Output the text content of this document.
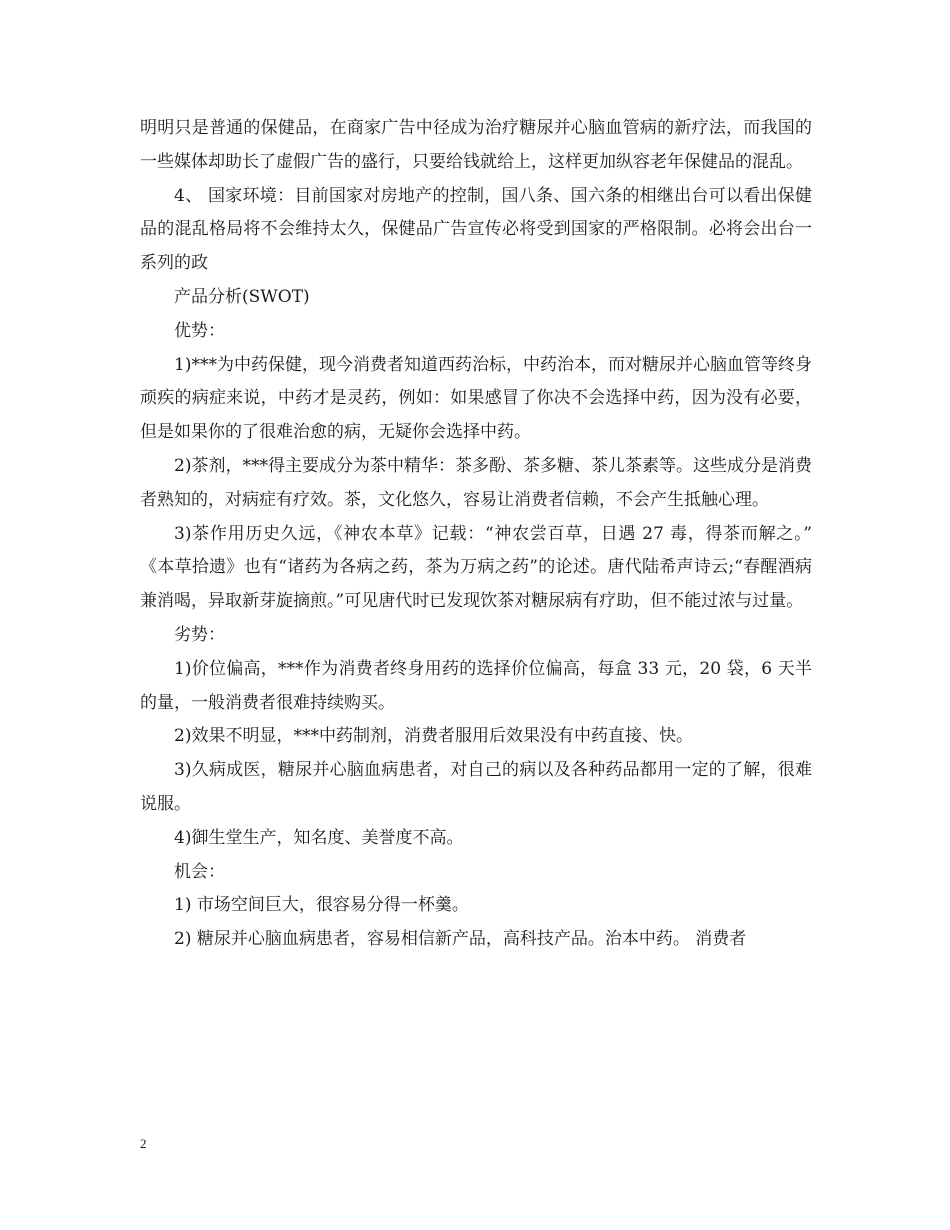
明明只是普通的保健品，在商家广告中径成为治疗糖尿并心脑血管病的新疗法，而我国的一些媒体却助长了虚假广告的盛行，只要给钱就给上，这样更加纵容老年保健品的混乱。

4、 国家环境：目前国家对房地产的控制，国八条、国六条的相继出台可以看出保健品的混乱格局将不会维持太久，保健品广告宣传必将受到国家的严格限制。必将会出台一系列的政

产品分析(SWOT)

优势：

1)***为中药保健，现今消费者知道西药治标，中药治本，而对糖尿并心脑血管等终身顽疾的病症来说，中药才是灵药，例如：如果感冒了你决不会选择中药，因为没有必要，但是如果你的了很难治愈的病，无疑你会选择中药。

2)茶剂，***得主要成分为茶中精华：茶多酚、茶多糖、茶儿茶素等。这些成分是消费者熟知的，对病症有疗效。茶，文化悠久，容易让消费者信赖，不会产生抵触心理。

3)茶作用历史久远，《神农本草》记载：“神农尝百草，日遇 27 毒，得茶而解之。” 《本草拾遗》也有“诸药为各病之药，茶为万病之药”的论述。唐代陆希声诗云;“春醒酒病兼消喝，异取新芽旋摘煎。”可见唐代时已发现饮茶对糖尿病有疗助，但不能过浓与过量。

劣势：

1)价位偏高，***作为消费者终身用药的选择价位偏高，每盒 33 元，20 袋，6 天半的量，一般消费者很难持续购买。

2)效果不明显，***中药制剂，消费者服用后效果没有中药直接、快。

3)久病成医，糖尿并心脑血病患者，对自己的病以及各种药品都用一定的了解，很难说服。

4)御生堂生产，知名度、美誉度不高。

机会：

1) 市场空间巨大，很容易分得一杯羹。

2) 糖尿并心脑血病患者，容易相信新产品，高科技产品。治本中药。 消费者

2
